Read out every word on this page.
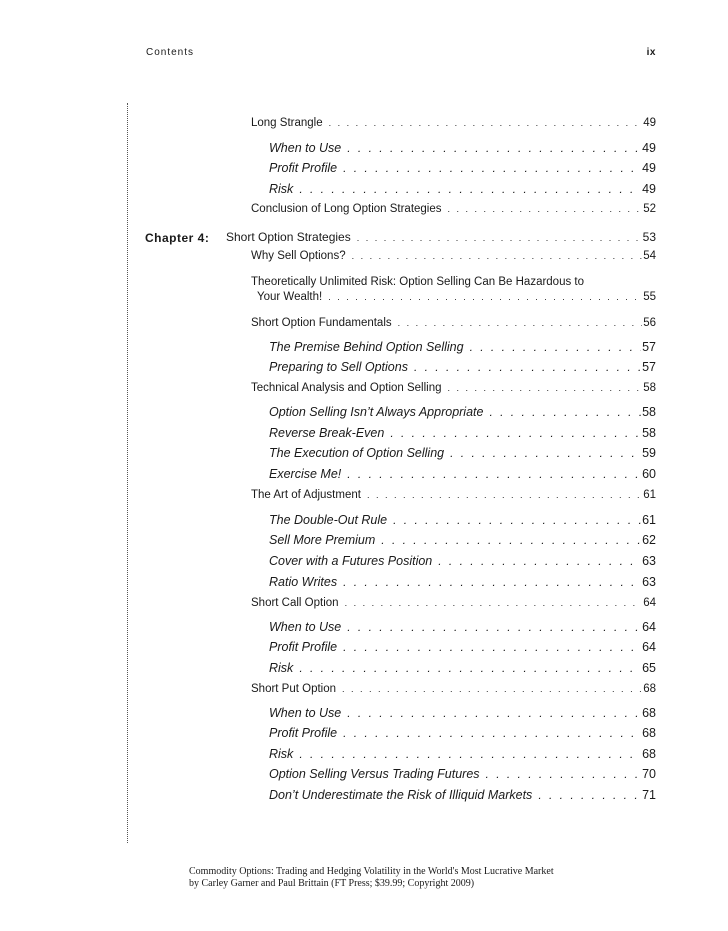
Contents	ix
Chapter 4:
Long Strangle . . .	49
When to Use . . .	49
Profit Profile . . .	49
Risk . . .	49
Conclusion of Long Option Strategies . . .	52
Short Option Strategies . . .	53
Why Sell Options? . . .	54
Theoretically Unlimited Risk: Option Selling Can Be Hazardous to
Your Wealth! . . .	55
Short Option Fundamentals . . .	56
The Premise Behind Option Selling . . .	57
Preparing to Sell Options . . .	57
Technical Analysis and Option Selling . . .	58
Option Selling Isn’t Always Appropriate . . .	58
Reverse Break-Even . . .	58
The Execution of Option Selling . . .	59
Exercise Me! . . .	60
The Art of Adjustment . . .	61
The Double-Out Rule . . .	61
Sell More Premium . . .	62
Cover with a Futures Position . . .	63
Ratio Writes . . .	63
Short Call Option . . .	64
When to Use . . .	64
Profit Profile . . .	64
Risk . . .	65
Short Put Option . . .	68
When to Use . . .	68
Profit Profile . . .	68
Risk . . .	68
Option Selling Versus Trading Futures . . .	70
Don’t Underestimate the Risk of Illiquid Markets . . .	71
Commodity Options: Trading and Hedging Volatility in the World's Most Lucrative Market
by Carley Garner and Paul Brittain (FT Press; $39.99; Copyright 2009)
